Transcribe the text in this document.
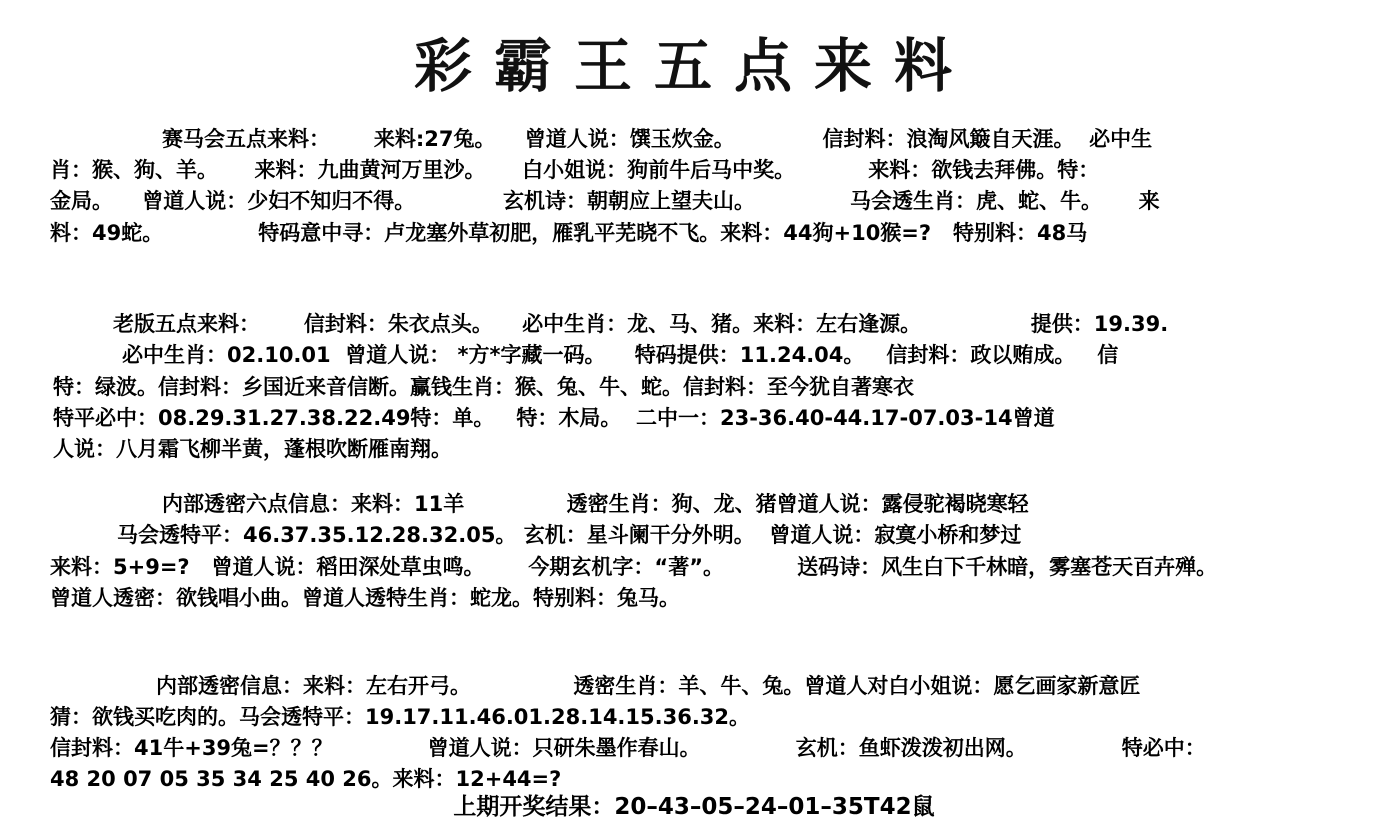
彩霸王五点来料
赛马会五点来料：      来料:27兔。    曾道人说：馔玉炊金。            信封料：浪淘风簸自天涯。  必中生
肖：猴、狗、羊。     来料：九曲黄河万里沙。     白小姐说：狗前牛后马中奖。          来料：欲钱去拜佛。特：
金局。    曾道人说：少妇不知归不得。            玄机诗：朝朝应上望夫山。             马会透生肖：虎、蛇、牛。     来
料：49蛇。             特码意中寻：卢龙塞外草初肥，雁乳平芜晓不飞。来料：44狗+10猴=?   特别料：48马
老版五点来料：      信封料：朱衣点头。    必中生肖：龙、马、猪。来料：左右逢源。               提供：19.39.
必中生肖：02.10.01  曾道人说： *方*字藏一码。    特码提供：11.24.04。   信封料：政以贿成。   信
特：绿波。信封料：乡国近来音信断。赢钱生肖：猴、兔、牛、蛇。信封料：至今犹自著寒衣
特平必中：08.29.31.27.38.22.49特：单。   特：木局。  二中一：23-36.40-44.17-07.03-14曾道
人说：八月霜飞柳半黄，蓬根吹断雁南翔。
内部透密六点信息：来料：11羊              透密生肖：狗、龙、猪曾道人说：露侵驼褐晓寒轻
马会透特平：46.37.35.12.28.32.05。 玄机：星斗阑干分外明。  曾道人说：寂寞小桥和梦过
来料：5+9=?   曾道人说：稻田深处草虫鸣。      今期玄机字：“著”。          送码诗：风生白下千林暗，雾塞苍天百卉殚。
曾道人透密：欲钱唱小曲。曾道人透特生肖：蛇龙。特别料：兔马。
内部透密信息：来料：左右开弓。              透密生肖：羊、牛、兔。曾道人对白小姐说：愿乞画家新意匠
猜：欲钱买吃肉的。马会透特平：19.17.11.46.01.28.14.15.36.32。
信封料：41牛+39兔=？？？             曾道人说：只研朱墨作春山。             玄机：鱼虾泼泼初出网。             特必中：
48 20 07 05 35 34 25 40 26。来料：12+44=?
上期开奖结果：20–43–05–24–01–35T42鼠
